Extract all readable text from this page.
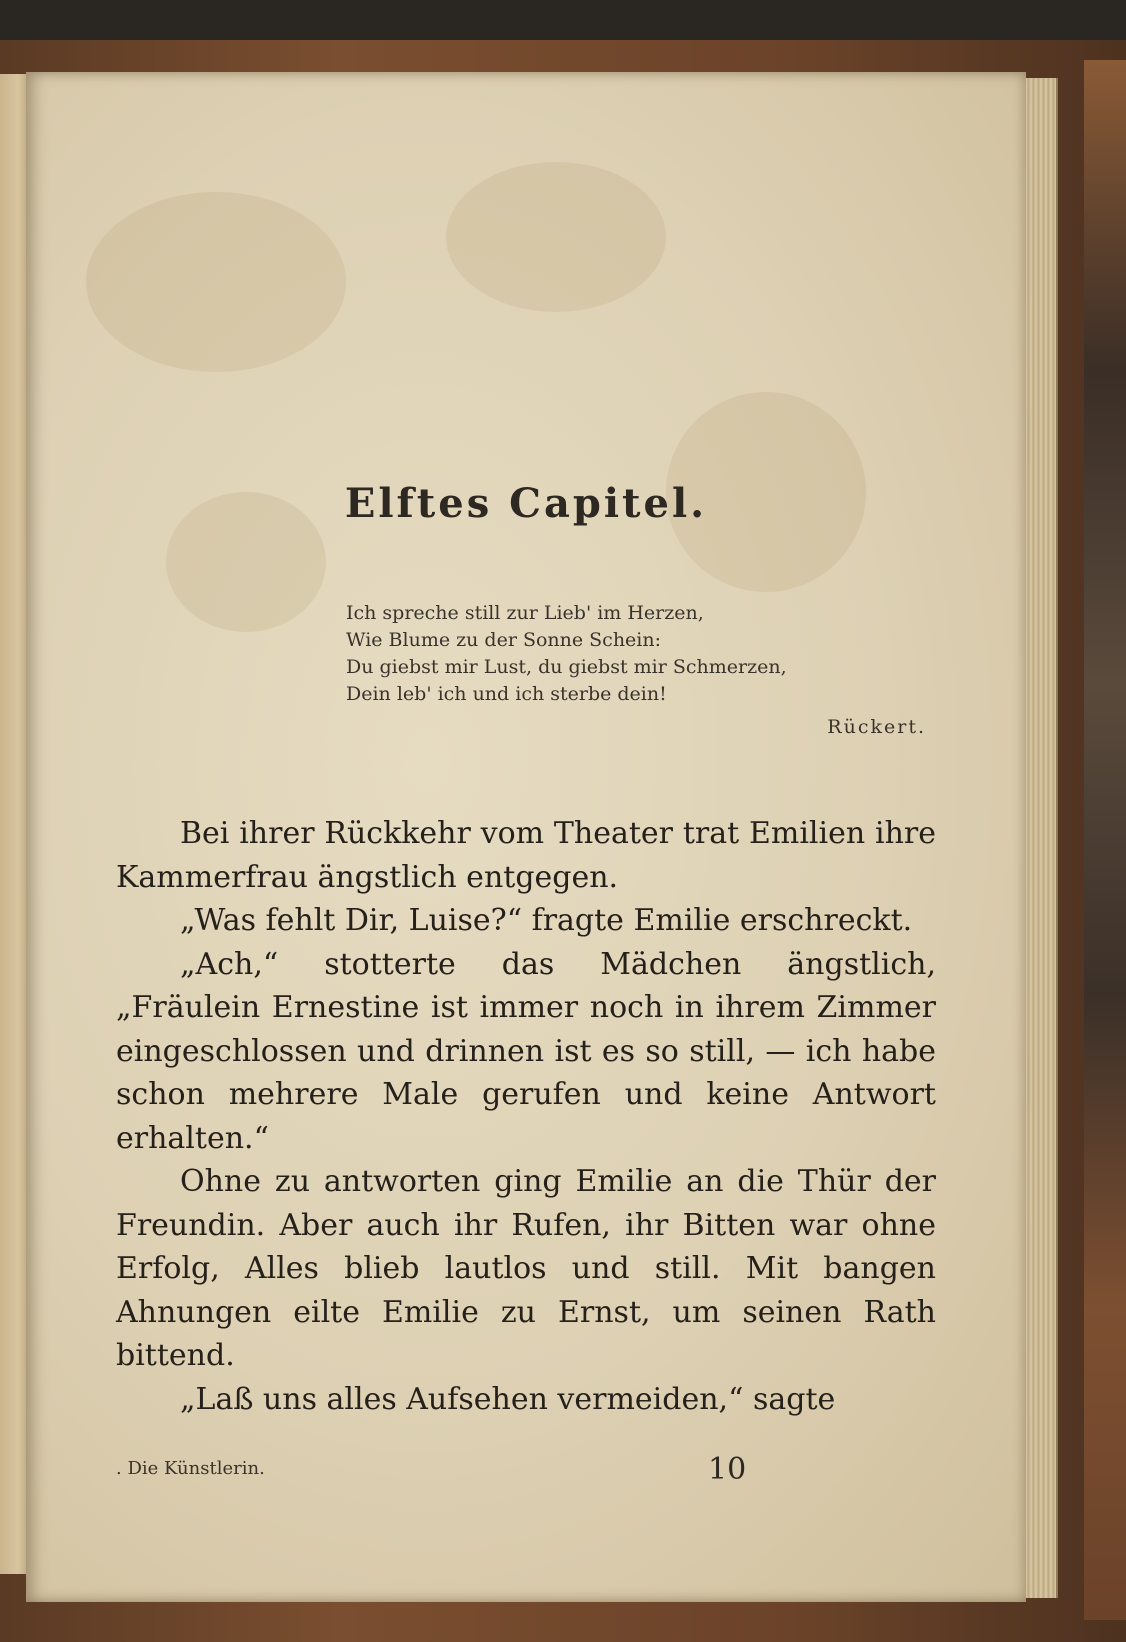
Elftes Capitel.
Ich spreche still zur Lieb' im Herzen,
Wie Blume zu der Sonne Schein:
Du giebst mir Lust, du giebst mir Schmerzen,
Dein leb' ich und ich sterbe dein!
Rückert.

Bei ihrer Rückkehr vom Theater trat Emilien ihre Kammerfrau ängstlich entgegen.

„Was fehlt Dir, Luise?“ fragte Emilie erschreckt.

„Ach,“ stotterte das Mädchen ängstlich, „Fräulein Ernestine ist immer noch in ihrem Zimmer eingeschlossen und drinnen ist es so still, — ich habe schon mehrere Male gerufen und keine Antwort erhalten.“

Ohne zu antworten ging Emilie an die Thür der Freundin. Aber auch ihr Rufen, ihr Bitten war ohne Erfolg, Alles blieb lautlos und still. Mit bangen Ahnungen eilte Emilie zu Ernst, um seinen Rath bittend.

„Laß uns alles Aufsehen vermeiden,“ sagte

. Die Künstlerin.	10
